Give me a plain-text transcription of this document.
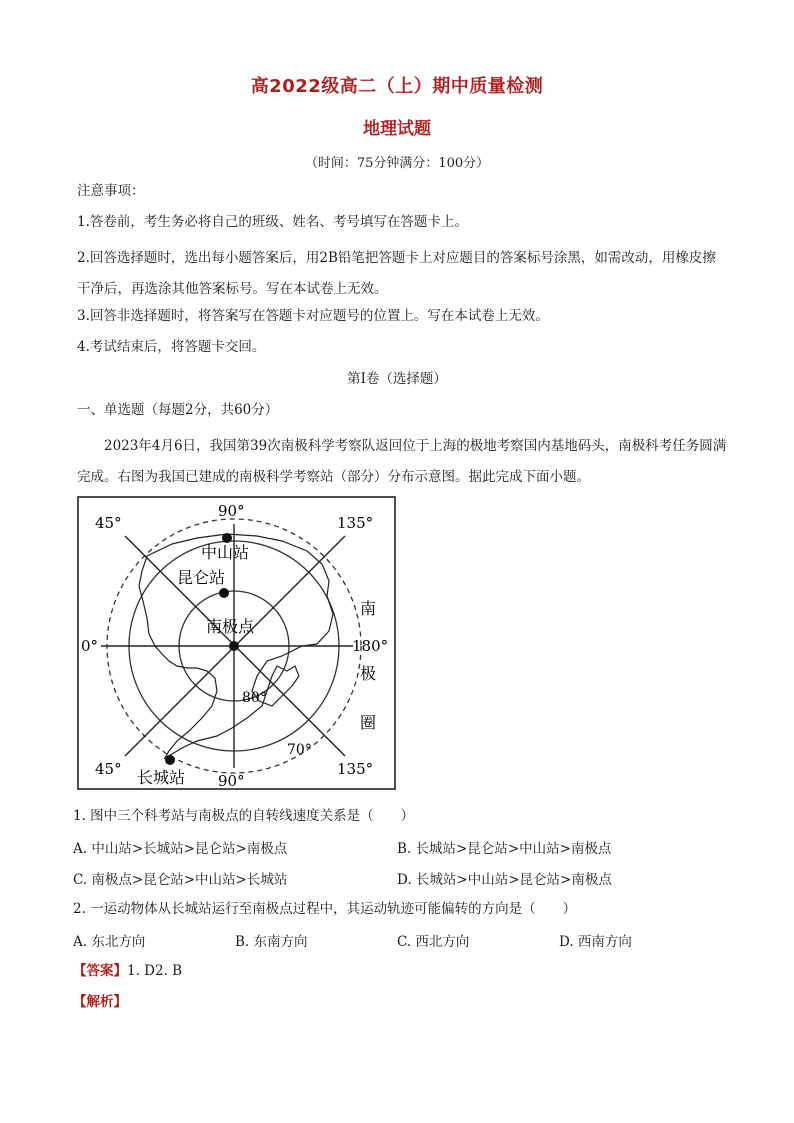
高2022级高二（上）期中质量检测
地理试题
（时间：75分钟满分：100分）
注意事项：
1.答卷前，考生务必将自己的班级、姓名、考号填写在答题卡上。
2.回答选择题时，选出每小题答案后，用2B铅笔把答题卡上对应题目的答案标号涂黑，如需改动，用橡皮擦干净后，再选涂其他答案标号。写在本试卷上无效。
3.回答非选择题时，将答案写在答题卡对应题号的位置上。写在本试卷上无效。
4.考试结束后，将答题卡交回。
第I卷（选择题）
一、单选题（每题2分，共60分）
2023年4月6日，我国第39次南极科学考察队返回位于上海的极地考察国内基地码头，南极科考任务圆满完成。右图为我国已建成的南极科学考察站（部分）分布示意图。据此完成下面小题。
45°
90°
135°
0°	180°
45°
90°
135°
80°
70°
中山站
昆仑站
南极点
长城站
南
极
圈
1. 图中三个科考站与南极点的自转线速度关系是（　　）
A. 中山站>长城站>昆仑站>南极点	B. 长城站>昆仑站>中山站>南极点
C. 南极点>昆仑站>中山站>长城站	D. 长城站>中山站>昆仑站>南极点
2. 一运动物体从长城站运行至南极点过程中，其运动轨迹可能偏转的方向是（　　）
A. 东北方向	B. 东南方向	C. 西北方向	D. 西南方向
【答案】1. D2. B
【解析】
